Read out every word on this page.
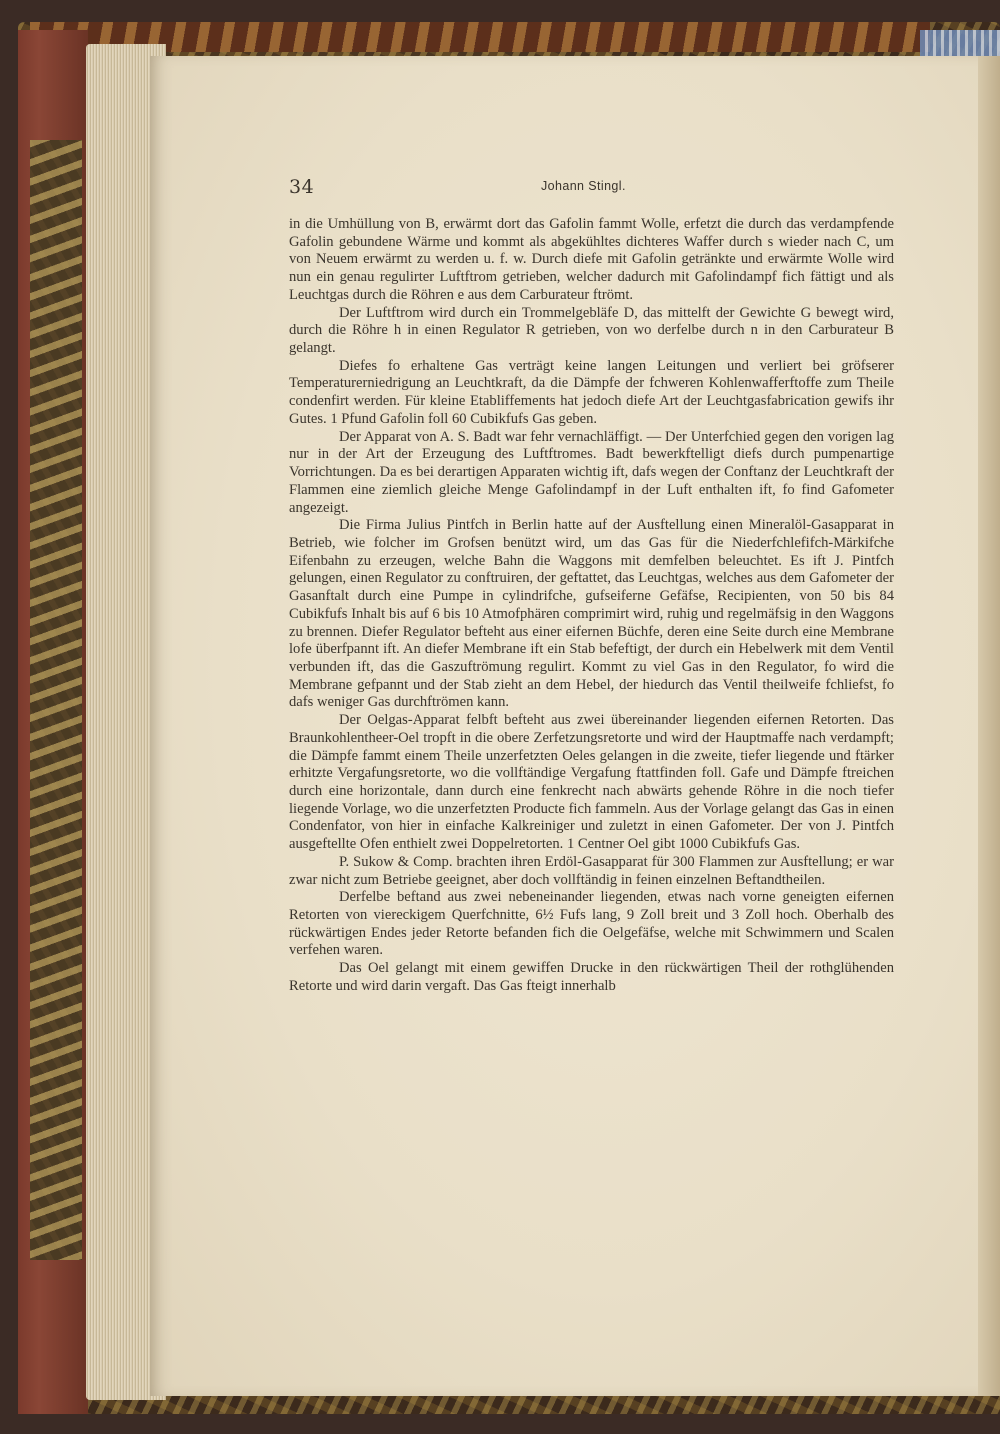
34	Johann Stingl.

in die Umhüllung von B, erwärmt dort das Gafolin fammt Wolle, erfetzt die durch das verdampfende Gafolin gebundene Wärme und kommt als abgekühltes dichteres Waffer durch s wieder nach C, um von Neuem erwärmt zu werden u. f. w. Durch diefe mit Gafolin getränkte und erwärmte Wolle wird nun ein genau regulirter Luftftrom getrieben, welcher dadurch mit Gafolindampf fich fättigt und als Leuchtgas durch die Röhren e aus dem Carburateur ftrömt.

Der Luftftrom wird durch ein Trommelgebläfe D, das mittelft der Gewichte G bewegt wird, durch die Röhre h in einen Regulator R getrieben, von wo derfelbe durch n in den Carburateur B gelangt.

Diefes fo erhaltene Gas verträgt keine langen Leitungen und verliert bei gröfserer Temperaturerniedrigung an Leuchtkraft, da die Dämpfe der fchweren Kohlenwafferftoffe zum Theile condenfirt werden. Für kleine Etabliffements hat jedoch diefe Art der Leuchtgasfabrication gewifs ihr Gutes. 1 Pfund Gafolin foll 60 Cubikfufs Gas geben.

Der Apparat von A. S. Badt war fehr vernachläffigt. — Der Unterfchied gegen den vorigen lag nur in der Art der Erzeugung des Luftftromes. Badt bewerkftelligt diefs durch pumpenartige Vorrichtungen. Da es bei derartigen Apparaten wichtig ift, dafs wegen der Conftanz der Leuchtkraft der Flammen eine ziemlich gleiche Menge Gafolindampf in der Luft enthalten ift, fo find Gafometer angezeigt.

Die Firma Julius Pintfch in Berlin hatte auf der Ausftellung einen Mineralöl-Gasapparat in Betrieb, wie folcher im Grofsen benützt wird, um das Gas für die Niederfchlefifch-Märkifche Eifenbahn zu erzeugen, welche Bahn die Waggons mit demfelben beleuchtet. Es ift J. Pintfch gelungen, einen Regulator zu conftruiren, der geftattet, das Leuchtgas, welches aus dem Gafometer der Gasanftalt durch eine Pumpe in cylindrifche, gufseiferne Gefäfse, Recipienten, von 50 bis 84 Cubikfufs Inhalt bis auf 6 bis 10 Atmofphären comprimirt wird, ruhig und regelmäfsig in den Waggons zu brennen. Diefer Regulator befteht aus einer eifernen Büchfe, deren eine Seite durch eine Membrane lofe überfpannt ift. An diefer Membrane ift ein Stab befeftigt, der durch ein Hebelwerk mit dem Ventil verbunden ift, das die Gaszuftrömung regulirt. Kommt zu viel Gas in den Regulator, fo wird die Membrane gefpannt und der Stab zieht an dem Hebel, der hiedurch das Ventil theilweife fchliefst, fo dafs weniger Gas durchftrömen kann.

Der Oelgas-Apparat felbft befteht aus zwei übereinander liegenden eifernen Retorten. Das Braunkohlentheer-Oel tropft in die obere Zerfetzungsretorte und wird der Hauptmaffe nach verdampft; die Dämpfe fammt einem Theile unzerfetzten Oeles gelangen in die zweite, tiefer liegende und ftärker erhitzte Vergafungsretorte, wo die vollftändige Vergafung ftattfinden foll. Gafe und Dämpfe ftreichen durch eine horizontale, dann durch eine fenkrecht nach abwärts gehende Röhre in die noch tiefer liegende Vorlage, wo die unzerfetzten Producte fich fammeln. Aus der Vorlage gelangt das Gas in einen Condenfator, von hier in einfache Kalkreiniger und zuletzt in einen Gafometer. Der von J. Pintfch ausgeftellte Ofen enthielt zwei Doppelretorten. 1 Centner Oel gibt 1000 Cubikfufs Gas.

P. Sukow & Comp. brachten ihren Erdöl-Gasapparat für 300 Flammen zur Ausftellung; er war zwar nicht zum Betriebe geeignet, aber doch vollftändig in feinen einzelnen Beftandtheilen.

Derfelbe beftand aus zwei nebeneinander liegenden, etwas nach vorne geneigten eifernen Retorten von viereckigem Querfchnitte, 6½ Fufs lang, 9 Zoll breit und 3 Zoll hoch. Oberhalb des rückwärtigen Endes jeder Retorte befanden fich die Oelgefäfse, welche mit Schwimmern und Scalen verfehen waren.

Das Oel gelangt mit einem gewiffen Drucke in den rückwärtigen Theil der rothglühenden Retorte und wird darin vergaft. Das Gas fteigt innerhalb
